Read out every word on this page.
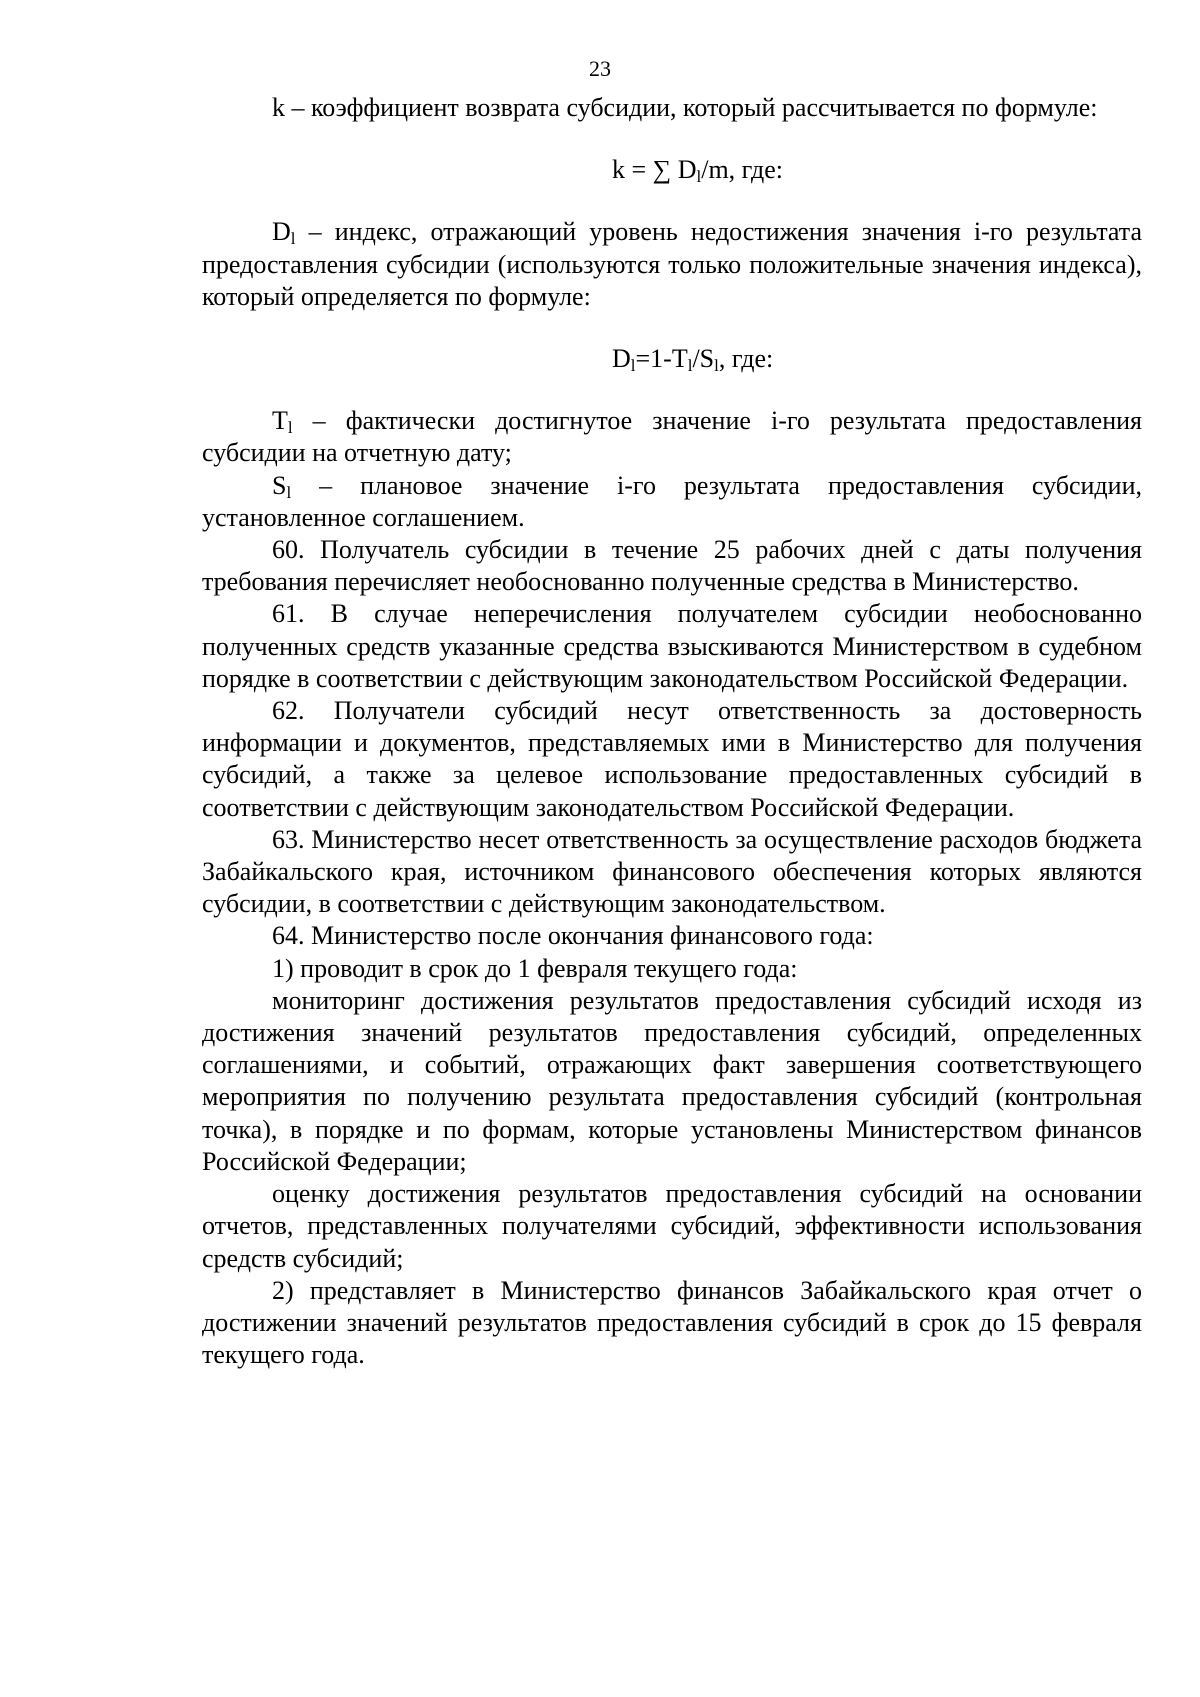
23

k – коэффициент возврата субсидии, который рассчитывается по формуле:

k = ∑ $D_l/m$, где:

$D_l$ – индекс, отражающий уровень недостижения значения i-го результата предоставления субсидии (используются только положительные значения индекса), который определяется по формуле:

$D_l=1-T_l/S_l$, где:

$T_l$ – фактически достигнутое значение i-го результата предоставления субсидии на отчетную дату;

$S_l$ – плановое значение i-го результата предоставления субсидии, установленное соглашением.

60. Получатель субсидии в течение 25 рабочих дней с даты получения требования перечисляет необоснованно полученные средства в Министерство.

61. В случае неперечисления получателем субсидии необоснованно полученных средств указанные средства взыскиваются Министерством в судебном порядке в соответствии с действующим законодательством Российской Федерации.

62. Получатели субсидий несут ответственность за достоверность информации и документов, представляемых ими в Министерство для получения субсидий, а также за целевое использование предоставленных субсидий в соответствии с действующим законодательством Российской Федерации.

63. Министерство несет ответственность за осуществление расходов бюджета Забайкальского края, источником финансового обеспечения которых являются субсидии, в соответствии с действующим законодательством.

64. Министерство после окончания финансового года:

1) проводит в срок до 1 февраля текущего года:

мониторинг достижения результатов предоставления субсидий исходя из достижения значений результатов предоставления субсидий, определенных соглашениями, и событий, отражающих факт завершения соответствующего мероприятия по получению результата предоставления субсидий (контрольная точка), в порядке и по формам, которые установлены Министерством финансов Российской Федерации;

оценку достижения результатов предоставления субсидий на основании отчетов, представленных получателями субсидий, эффективности использования средств субсидий;

2) представляет в Министерство финансов Забайкальского края отчет о достижении значений результатов предоставления субсидий в срок до 15 февраля текущего года.
